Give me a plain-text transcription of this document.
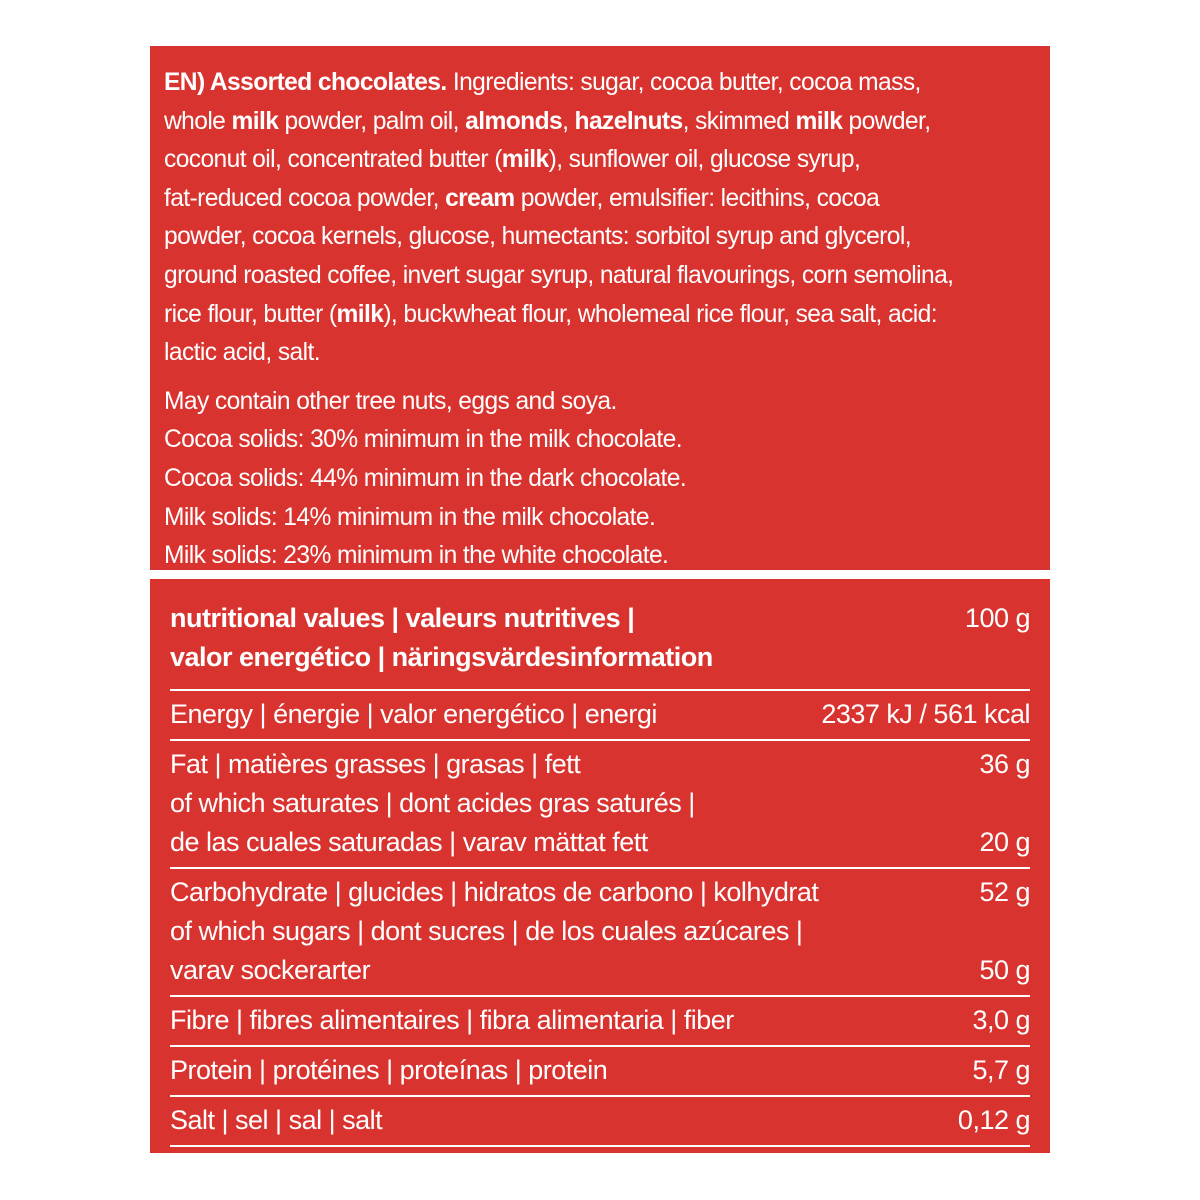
EN) Assorted chocolates. Ingredients: sugar, cocoa butter, cocoa mass,
whole milk powder, palm oil, almonds, hazelnuts, skimmed milk powder,
coconut oil, concentrated butter (milk), sunflower oil, glucose syrup,
fat-reduced cocoa powder, cream powder, emulsifier: lecithins, cocoa
powder, cocoa kernels, glucose, humectants: sorbitol syrup and glycerol,
ground roasted coffee, invert sugar syrup, natural flavourings, corn semolina,
rice flour, butter (milk), buckwheat flour, wholemeal rice flour, sea salt, acid:
lactic acid, salt.
May contain other tree nuts, eggs and soya.
Cocoa solids: 30% minimum in the milk chocolate.
Cocoa solids: 44% minimum in the dark chocolate.
Milk solids: 14% minimum in the milk chocolate.
Milk solids: 23% minimum in the white chocolate.
nutritional values | valeurs nutritives |
valor energético | näringsvärdesinformation
100 g
Energy | énergie | valor energético | energi	2337 kJ / 561 kcal
Fat | matières grasses | grasas | fett	36 g
of which saturates | dont acides gras saturés |
de las cuales saturadas | varav mättat fett	20 g
Carbohydrate | glucides | hidratos de carbono | kolhydrat	52 g
of which sugars | dont sucres | de los cuales azúcares |
varav sockerarter	50 g
Fibre | fibres alimentaires | fibra alimentaria | fiber	3,0 g
Protein | protéines | proteínas | protein	5,7 g
Salt | sel | sal | salt	0,12 g
